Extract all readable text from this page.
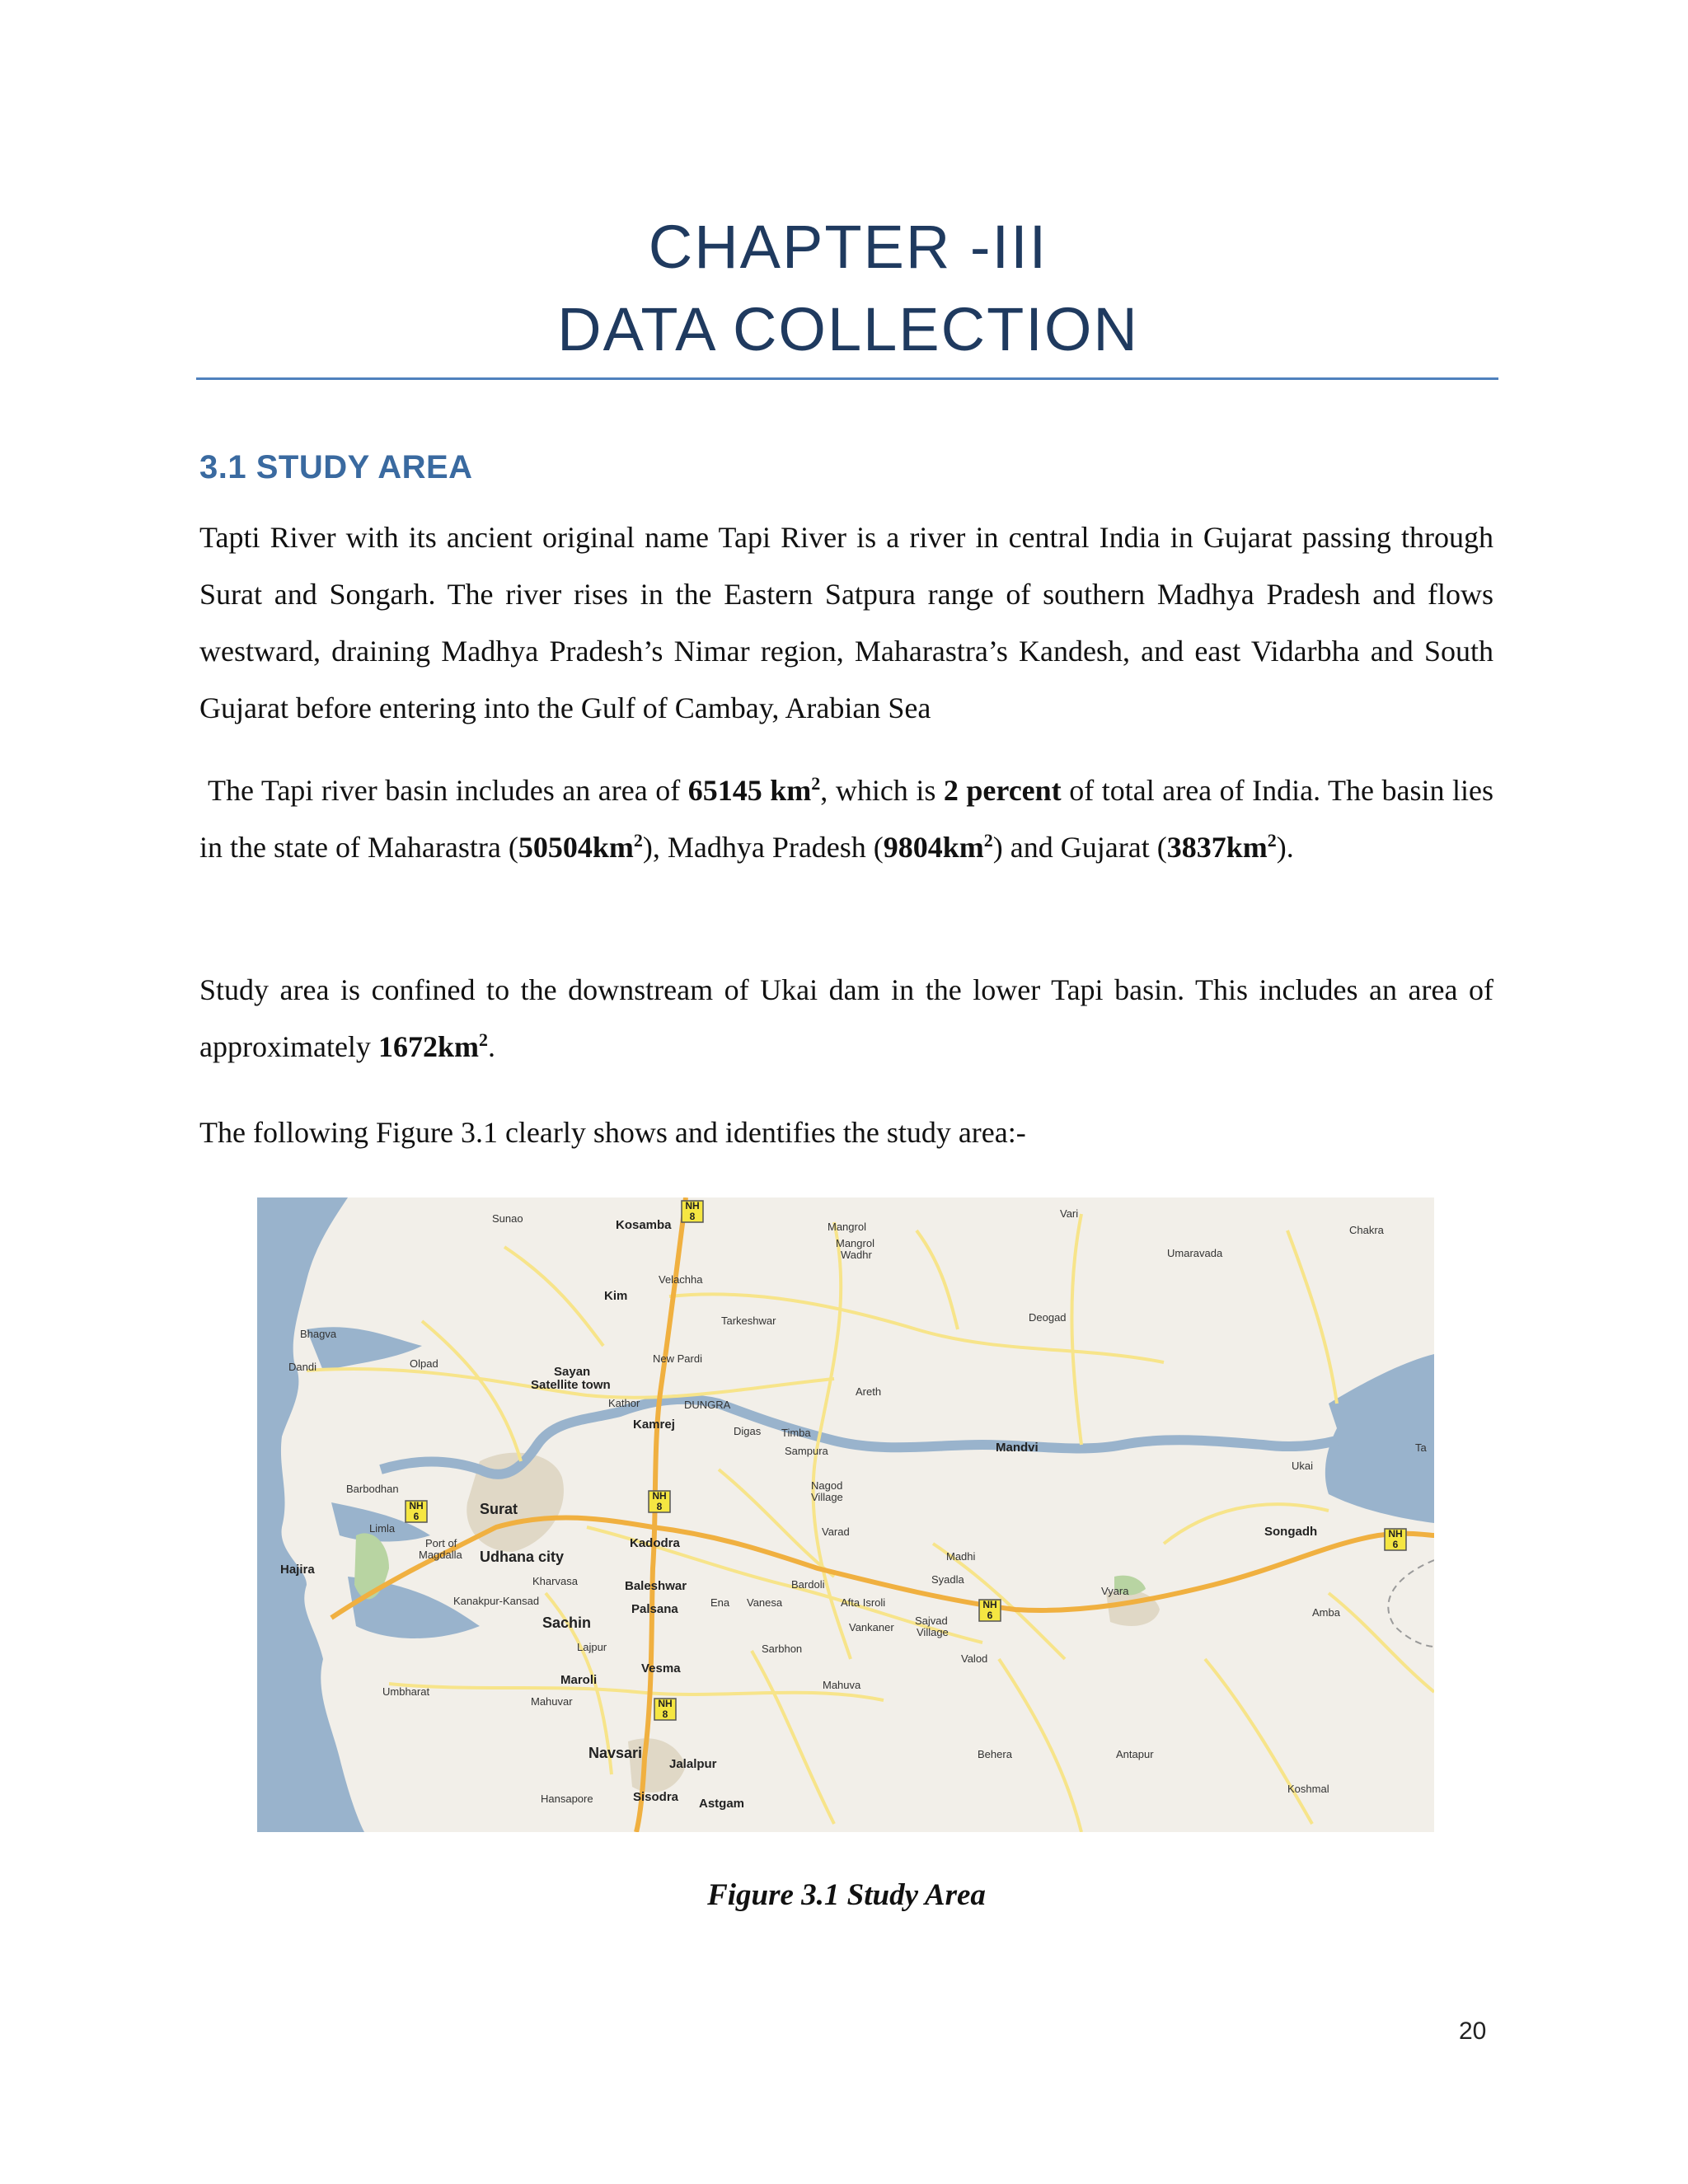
CHAPTER -III
DATA COLLECTION
3.1 STUDY AREA

Tapti River with its ancient original name Tapi River is a river in central India in Gujarat passing through Surat and Songarh. The river rises in the Eastern Satpura range of southern Madhya Pradesh and flows westward, draining Madhya Pradesh’s Nimar region, Maharastra’s Kandesh, and east Vidarbha and South Gujarat before entering into the Gulf of Cambay, Arabian Sea

The Tapi river basin includes an area of 65145 $km^2$, which is 2 percent of total area of India. The basin lies in the state of Maharastra $(50504km^2)$, Madhya Pradesh $(9804km^2)$ and Gujarat $(3837km^2)$.

Study area is confined to the downstream of Ukai dam in the lower Tapi basin. This includes an area of approximately $1672km^2$.

The following Figure 3.1 clearly shows and identifies the study area:-

NH
8
NH
8
NH
8
NH
6
NH
6
NH
6
Sunao	Kosamba	Mangrol
Mangrol
Wadhr
Vari
Chakra
Umaravada
Velachha
Kim
Tarkeshwar	Deogad
Bhagva
Dandi	Olpad
Sayan
Satellite town
New Pardi
Areth
Kathor	DUNGRA
Kamrej	Digas Timba
Sampura	Mandvi
Ukai
Ta
Barbodhan
Surat
Nagod
Village
Limla
Port of
Magdalla Udhana city
Kadodra
Varad
Madhi
Songadh
Hajira
Kharvasa	Baleshwar	Bardoli	Syadla
Vyara
Kanakpur-Kansad	Ena Vanesa	Afta Isroli
Palsana
Sachin	Sajvad
Village
Vankaner
Amba
Lajpur	Sarbhon
Valod
Vesma
Maroli	Mahuva
Umbharat
Mahuvar
Navsari	Behera	Antapur
Jalalpur
Koshmal
Hansapore	Sisodra Astgam
Figure 3.1 Study Area
20
